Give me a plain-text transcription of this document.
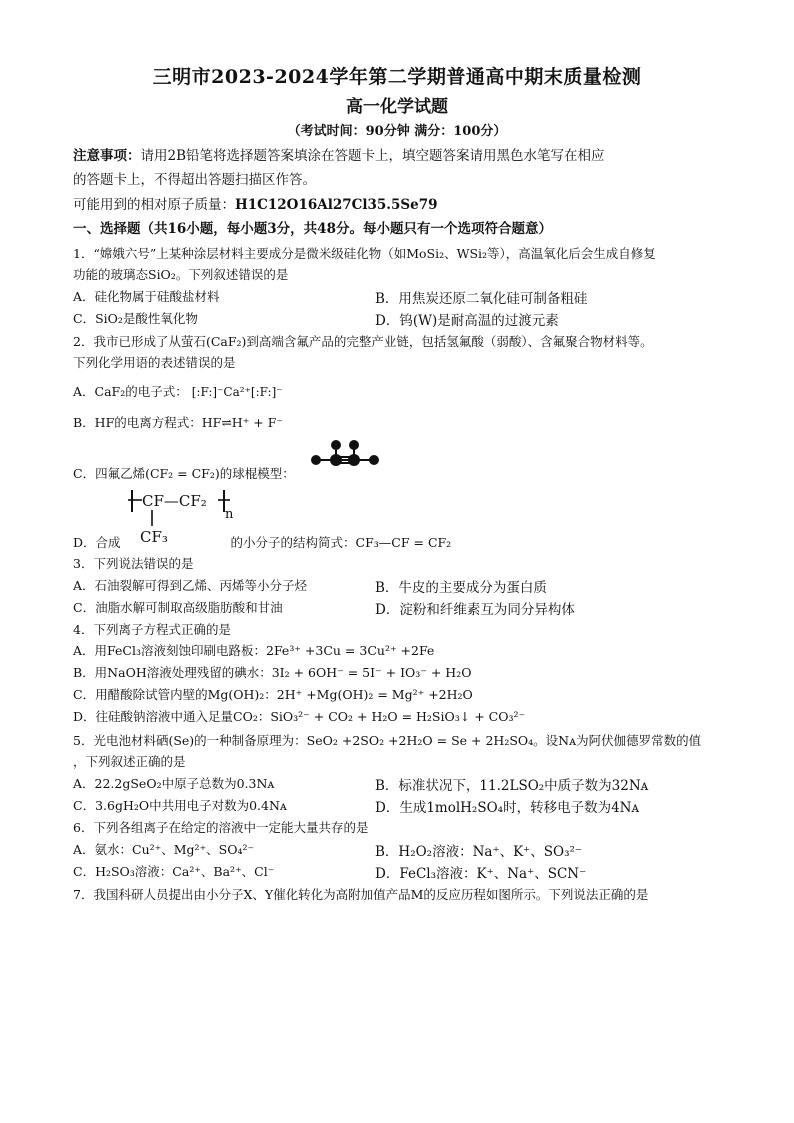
三明市2023-2024学年第二学期普通高中期末质量检测
高一化学试题
（考试时间：90分钟 满分：100分）
注意事项：请用2B铅笔将选择题答案填涂在答题卡上，填空题答案请用黑色水笔写在相应
的答题卡上，不得超出答题扫描区作答。
可能用到的相对原子质量：H1C12O16Al27Cl35.5Se79
一、选择题（共16小题，每小题3分，共48分。每小题只有一个选项符合题意）
1．“嫦娥六号”上某种涂层材料主要成分是微米级硅化物（如MoSi₂、WSi₂等），高温氧化后会生成自修复
功能的玻璃态SiO₂。下列叙述错误的是
A．硅化物属于硅酸盐材料	B．用焦炭还原二氧化硅可制备粗硅
C．SiO₂是酸性氧化物	D．钨(W)是耐高温的过渡元素
2．我市已形成了从萤石(CaF₂)到高端含氟产品的完整产业链，包括氢氟酸（弱酸）、含氟聚合物材料等。
下列化学用语的表述错误的是
A．CaF₂的电子式： [:F:]⁻Ca²⁺[:F:]⁻
B．HF的电离方程式：HF⇌H⁺ + F⁻
C．四氟乙烯(CF₂ = CF₂)的球棍模型：
CF—CF₂
n
CF₃
D．合成	的小分子的结构简式：CF₃—CF = CF₂
3．下列说法错误的是
A．石油裂解可得到乙烯、丙烯等小分子烃	B．牛皮的主要成分为蛋白质
C．油脂水解可制取高级脂肪酸和甘油	D．淀粉和纤维素互为同分异构体
4．下列离子方程式正确的是
A．用FeCl₃溶液刻蚀印刷电路板：2Fe³⁺ +3Cu = 3Cu²⁺ +2Fe
B．用NaOH溶液处理残留的碘水：3I₂ + 6OH⁻ = 5I⁻ + IO₃⁻ + H₂O
C．用醋酸除试管内壁的Mg(OH)₂：2H⁺ +Mg(OH)₂ = Mg²⁺ +2H₂O
D．往硅酸钠溶液中通入足量CO₂：SiO₃²⁻ + CO₂ + H₂O = H₂SiO₃↓ + CO₃²⁻
5．光电池材料硒(Se)的一种制备原理为：SeO₂ +2SO₂ +2H₂O = Se + 2H₂SO₄。设Nᴀ为阿伏伽德罗常数的值
，下列叙述正确的是
A．22.2gSeO₂中原子总数为0.3Nᴀ	B．标准状况下，11.2LSO₂中质子数为32Nᴀ
C．3.6gH₂O中共用电子对数为0.4Nᴀ	D．生成1molH₂SO₄时，转移电子数为4Nᴀ
6．下列各组离子在给定的溶液中一定能大量共存的是
A．氨水：Cu²⁺、Mg²⁺、SO₄²⁻	B．H₂O₂溶液：Na⁺、K⁺、SO₃²⁻
C．H₂SO₃溶液：Ca²⁺、Ba²⁺、Cl⁻	D．FeCl₃溶液：K⁺、Na⁺、SCN⁻
7．我国科研人员提出由小分子X、Y催化转化为高附加值产品M的反应历程如图所示。下列说法正确的是
